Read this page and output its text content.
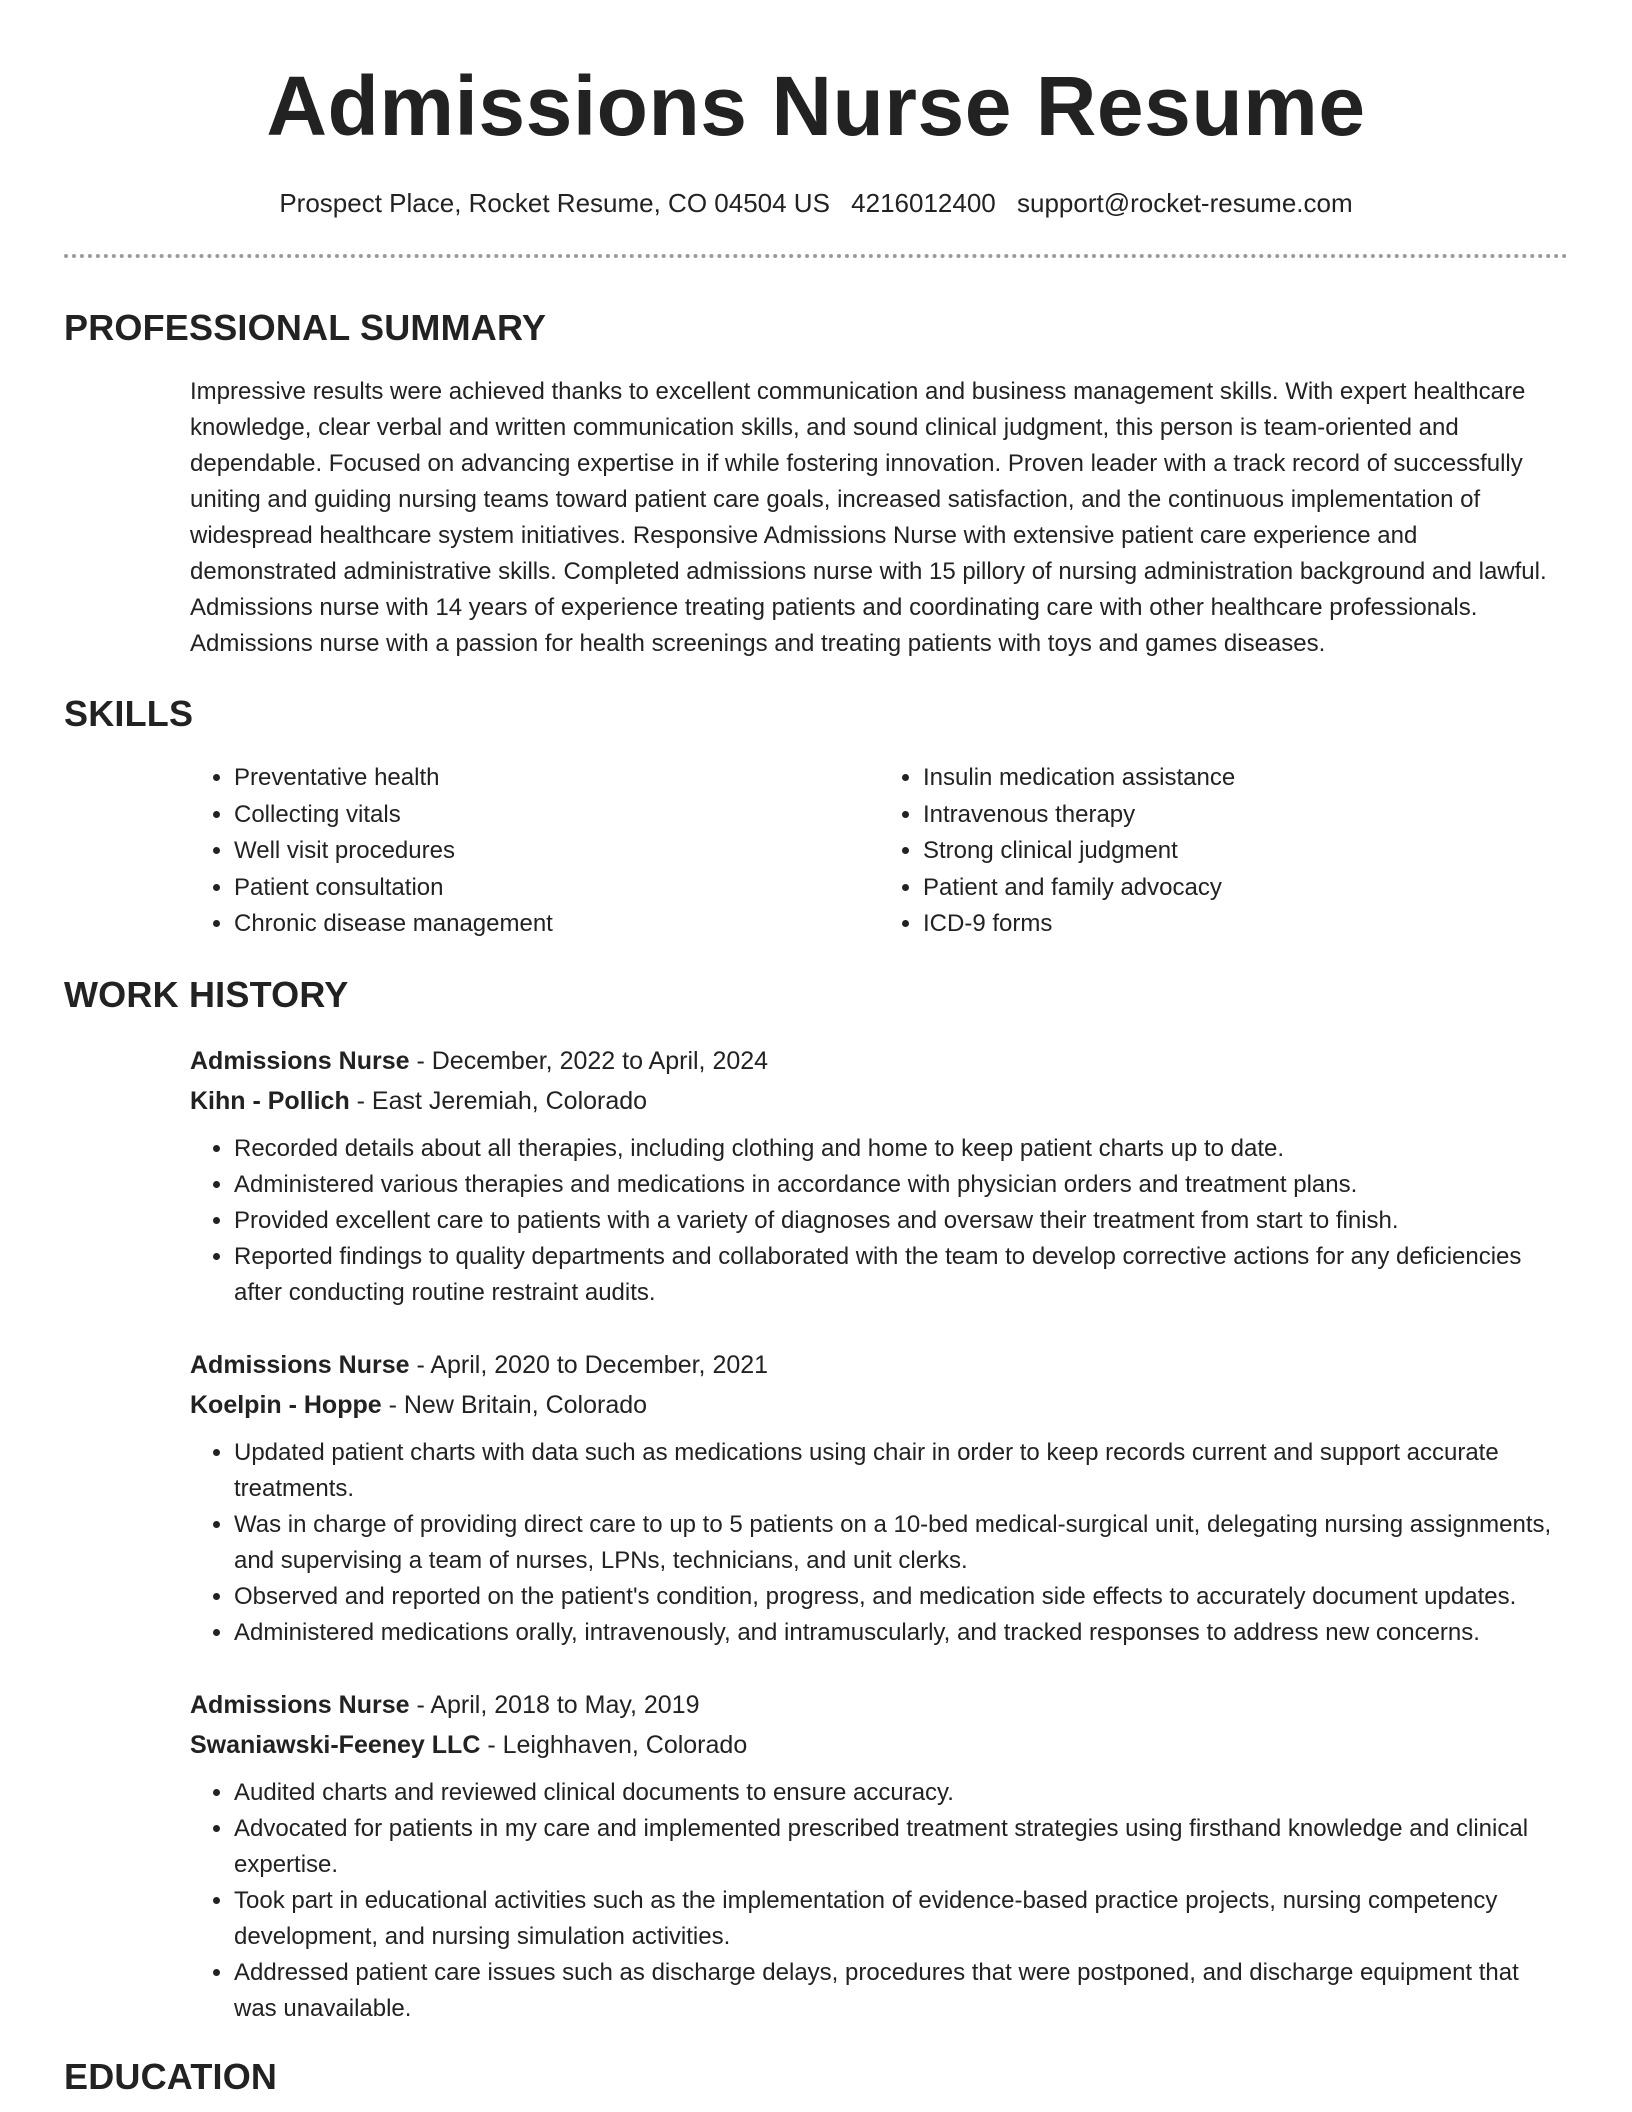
Admissions Nurse Resume
Prospect Place, Rocket Resume, CO 04504 US 4216012400 support@rocket-resume.com
PROFESSIONAL SUMMARY

Impressive results were achieved thanks to excellent communication and business management skills. With expert healthcare knowledge, clear verbal and written communication skills, and sound clinical judgment, this person is team-oriented and dependable. Focused on advancing expertise in if while fostering innovation. Proven leader with a track record of successfully uniting and guiding nursing teams toward patient care goals, increased satisfaction, and the continuous implementation of widespread healthcare system initiatives. Responsive Admissions Nurse with extensive patient care experience and demonstrated administrative skills. Completed admissions nurse with 15 pillory of nursing administration background and lawful. Admissions nurse with 14 years of experience treating patients and coordinating care with other healthcare professionals. Admissions nurse with a passion for health screenings and treating patients with toys and games diseases.

SKILLS
• Preventative health
• Collecting vitals
• Well visit procedures
• Patient consultation
• Chronic disease management
• Insulin medication assistance
• Intravenous therapy
• Strong clinical judgment
• Patient and family advocacy
• ICD-9 forms
WORK HISTORY
Admissions Nurse - December, 2022 to April, 2024
Kihn - Pollich - East Jeremiah, Colorado
• Recorded details about all therapies, including clothing and home to keep patient charts up to date.
• Administered various therapies and medications in accordance with physician orders and treatment plans.
• Provided excellent care to patients with a variety of diagnoses and oversaw their treatment from start to finish.
• Reported findings to quality departments and collaborated with the team to develop corrective actions for any deficiencies after conducting routine restraint audits.
Admissions Nurse - April, 2020 to December, 2021
Koelpin - Hoppe - New Britain, Colorado
• Updated patient charts with data such as medications using chair in order to keep records current and support accurate treatments.
• Was in charge of providing direct care to up to 5 patients on a 10-bed medical-surgical unit, delegating nursing assignments, and supervising a team of nurses, LPNs, technicians, and unit clerks.
• Observed and reported on the patient's condition, progress, and medication side effects to accurately document updates.
• Administered medications orally, intravenously, and intramuscularly, and tracked responses to address new concerns.
Admissions Nurse - April, 2018 to May, 2019
Swaniawski-Feeney LLC - Leighhaven, Colorado
• Audited charts and reviewed clinical documents to ensure accuracy.
• Advocated for patients in my care and implemented prescribed treatment strategies using firsthand knowledge and clinical expertise.
• Took part in educational activities such as the implementation of evidence-based practice projects, nursing competency development, and nursing simulation activities.
• Addressed patient care issues such as discharge delays, procedures that were postponed, and discharge equipment that was unavailable.
EDUCATION
